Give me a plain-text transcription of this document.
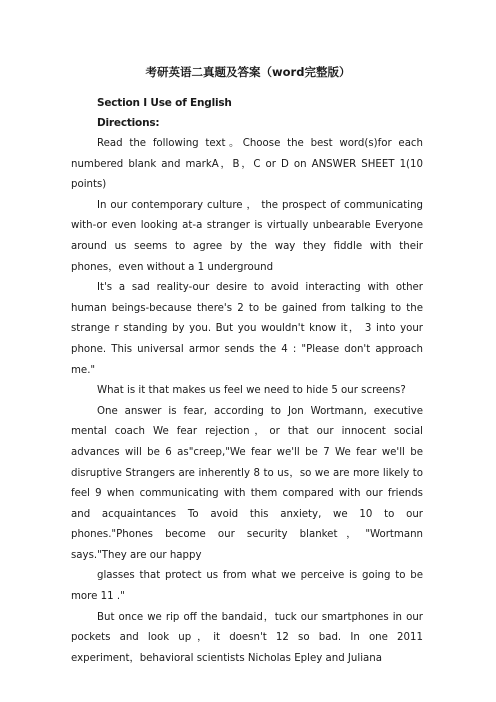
考研英语二真题及答案（word完整版）
Section I Use of English
Directions:

Read the following text。Choose the best word(s)for each numbered blank and markA，B，C or D on ANSWER SHEET 1(10 points)

In our contemporary culture ， the prospect of communicating with-or even looking at-a stranger is virtually unbearable Everyone around us seems to agree by the way they fiddle with their phones，even without a 1 underground

It's a sad reality-our desire to avoid interacting with other human beings-because there's 2 to be gained from talking to the strange r standing by you. But you wouldn't know it， 3 into your phone. This universal armor sends the 4 : "Please don't approach me."

What is it that makes us feel we need to hide 5 our screens?

One answer is fear, according to Jon Wortmann, executive mental coach We fear rejection，or that our innocent social advances will be 6 as"creep,"We fear we'll be 7 We fear we'll be disruptive Strangers are inherently 8 to us，so we are more likely to feel 9 when communicating with them compared with our friends and acquaintances To avoid this anxiety, we 10 to our phones."Phones become our security blanket，"Wortmann says."They are our happy

glasses that protect us from what we perceive is going to be more 11 ."

But once we rip off the bandaid，tuck our smartphones in our pockets and look up，it doesn't 12 so bad. In one 2011 experiment，behavioral scientists Nicholas Epley and Juliana
